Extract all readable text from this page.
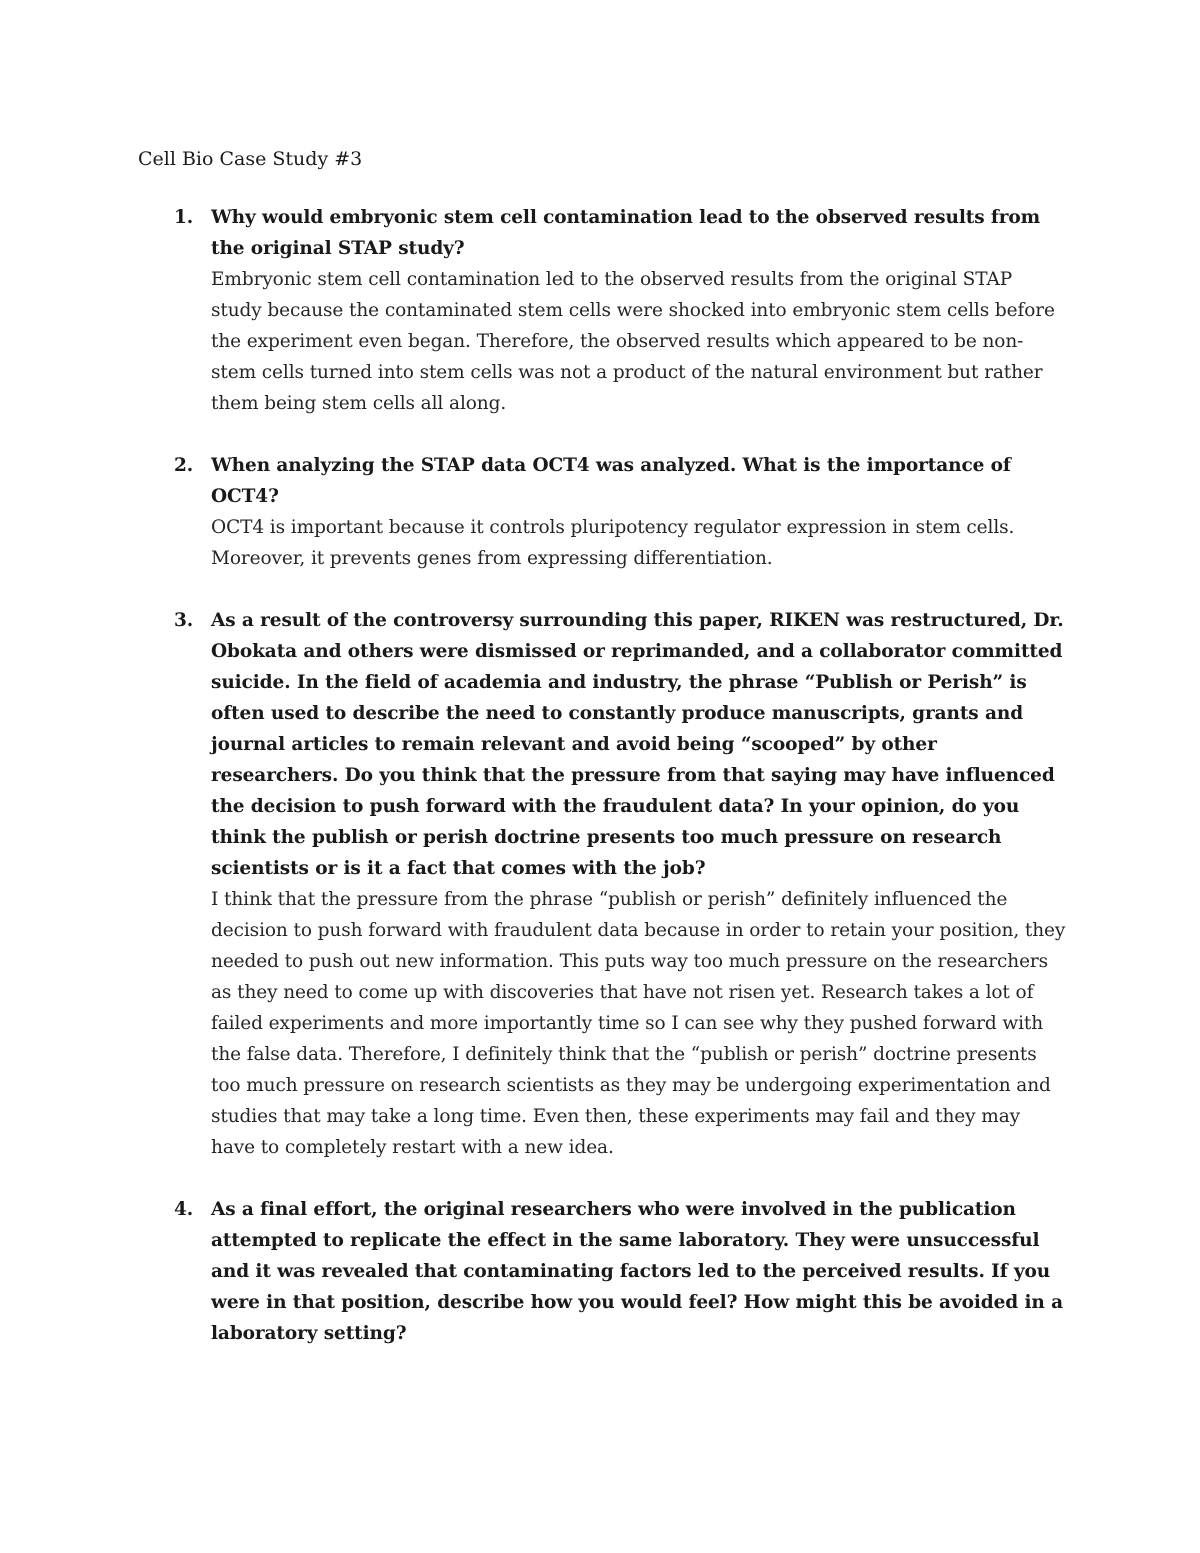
Cell Bio Case Study #3

1. Why would embryonic stem cell contamination lead to the observed results from the original STAP study?

Embryonic stem cell contamination led to the observed results from the original STAP study because the contaminated stem cells were shocked into embryonic stem cells before the experiment even began. Therefore, the observed results which appeared to be non-stem cells turned into stem cells was not a product of the natural environment but rather them being stem cells all along.

2. When analyzing the STAP data OCT4 was analyzed. What is the importance of OCT4?

OCT4 is important because it controls pluripotency regulator expression in stem cells. Moreover, it prevents genes from expressing differentiation.

3. As a result of the controversy surrounding this paper, RIKEN was restructured, Dr. Obokata and others were dismissed or reprimanded, and a collaborator committed suicide. In the field of academia and industry, the phrase “Publish or Perish” is often used to describe the need to constantly produce manuscripts, grants and journal articles to remain relevant and avoid being “scooped” by other researchers. Do you think that the pressure from that saying may have influenced the decision to push forward with the fraudulent data? In your opinion, do you think the publish or perish doctrine presents too much pressure on research scientists or is it a fact that comes with the job?

I think that the pressure from the phrase “publish or perish” definitely influenced the decision to push forward with fraudulent data because in order to retain your position, they needed to push out new information. This puts way too much pressure on the researchers as they need to come up with discoveries that have not risen yet. Research takes a lot of failed experiments and more importantly time so I can see why they pushed forward with the false data. Therefore, I definitely think that the “publish or perish” doctrine presents too much pressure on research scientists as they may be undergoing experimentation and studies that may take a long time. Even then, these experiments may fail and they may have to completely restart with a new idea.

4. As a final effort, the original researchers who were involved in the publication attempted to replicate the effect in the same laboratory. They were unsuccessful and it was revealed that contaminating factors led to the perceived results. If you were in that position, describe how you would feel? How might this be avoided in a laboratory setting?
